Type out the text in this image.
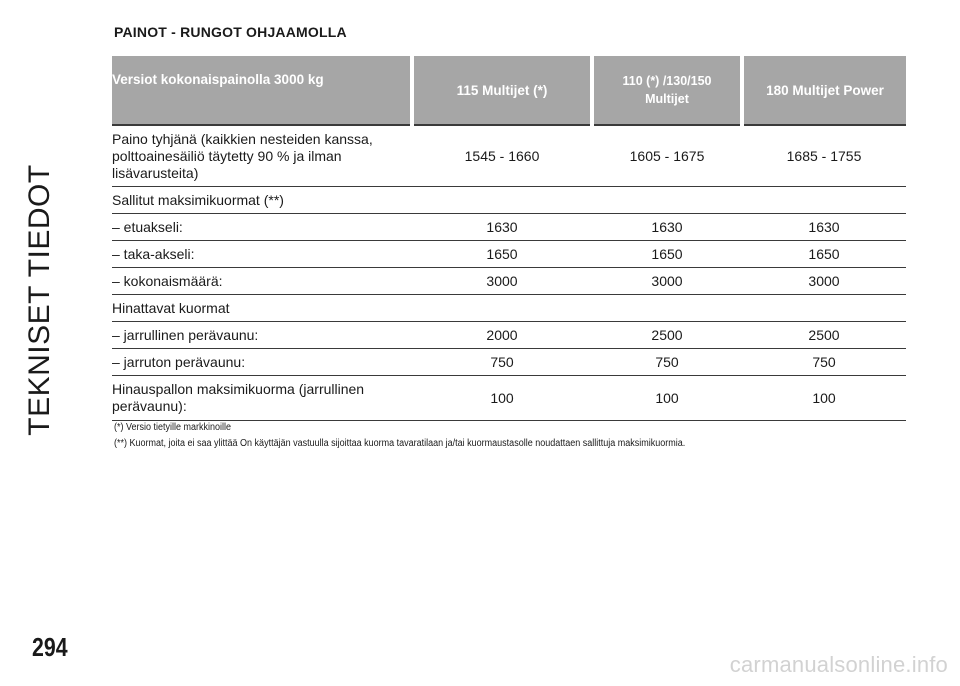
TEKNISET TIEDOT
PAINOT - RUNGOT OHJAAMOLLA
Versiot kokonaispainolla 3000 kg	115 Multijet (*)	110 (*) /130/150 Multijet	180 Multijet Power
Paino tyhjänä (kaikkien nesteiden kanssa, polttoainesäiliö täytetty 90 % ja ilman lisävarusteita)	1545 - 1660	1605 - 1675	1685 - 1755
Sallitut maksimikuormat (**)			
– etuakseli:	1630	1630	1630
– taka-akseli:	1650	1650	1650
– kokonaismäärä:	3000	3000	3000
Hinattavat kuormat			
– jarrullinen perävaunu:	2000	2500	2500
– jarruton perävaunu:	750	750	750
Hinauspallon maksimikuorma (jarrullinen perävaunu):	100	100	100
(*) Versio tietyille markkinoille
(**) Kuormat, joita ei saa ylittää On käyttäjän vastuulla sijoittaa kuorma tavaratilaan ja/tai kuormaustasolle noudattaen sallittuja maksimikuormia.
294
carmanualsonline.info
